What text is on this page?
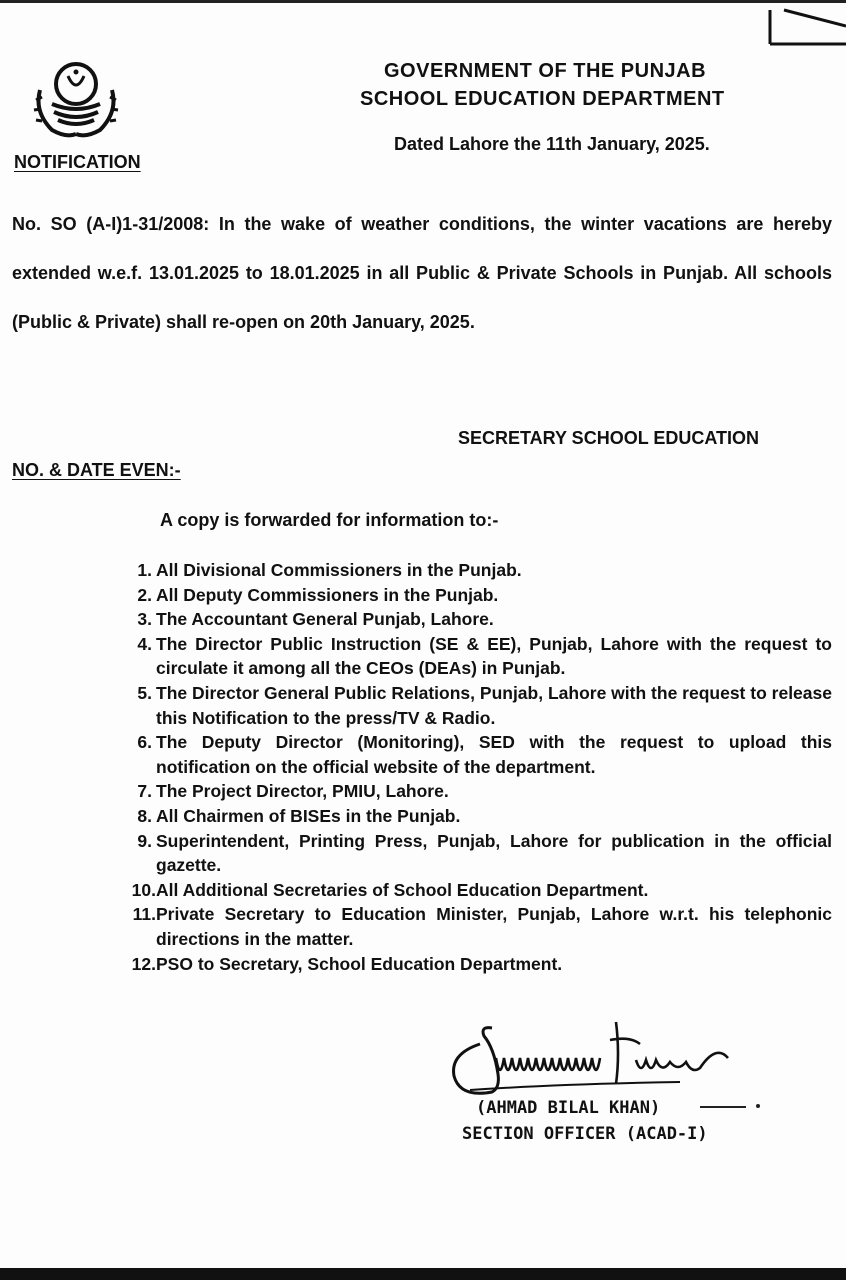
GOVERNMENT OF THE PUNJAB
SCHOOL EDUCATION DEPARTMENT
Dated Lahore the 11th January, 2025.
NOTIFICATION
No. SO (A-I)1-31/2008: In the wake of weather conditions, the winter vacations are hereby extended w.e.f. 13.01.2025 to 18.01.2025 in all Public & Private Schools in Punjab. All schools (Public & Private) shall re-open on 20th January, 2025.
SECRETARY SCHOOL EDUCATION
NO. & DATE EVEN:-
A copy is forwarded for information to:-
1. All Divisional Commissioners in the Punjab.
2. All Deputy Commissioners in the Punjab.
3. The Accountant General Punjab, Lahore.
4. The Director Public Instruction (SE & EE), Punjab, Lahore with the request to circulate it among all the CEOs (DEAs) in Punjab.
5. The Director General Public Relations, Punjab, Lahore with the request to release this Notification to the press/TV & Radio.
6. The Deputy Director (Monitoring), SED with the request to upload this notification on the official website of the department.
7. The Project Director, PMIU, Lahore.
8. All Chairmen of BISEs in the Punjab.
9. Superintendent, Printing Press, Punjab, Lahore for publication in the official gazette.
10. All Additional Secretaries of School Education Department.
11. Private Secretary to Education Minister, Punjab, Lahore w.r.t. his telephonic directions in the matter.
12. PSO to Secretary, School Education Department.
(AHMAD BILAL KHAN)
SECTION OFFICER (ACAD-I)
